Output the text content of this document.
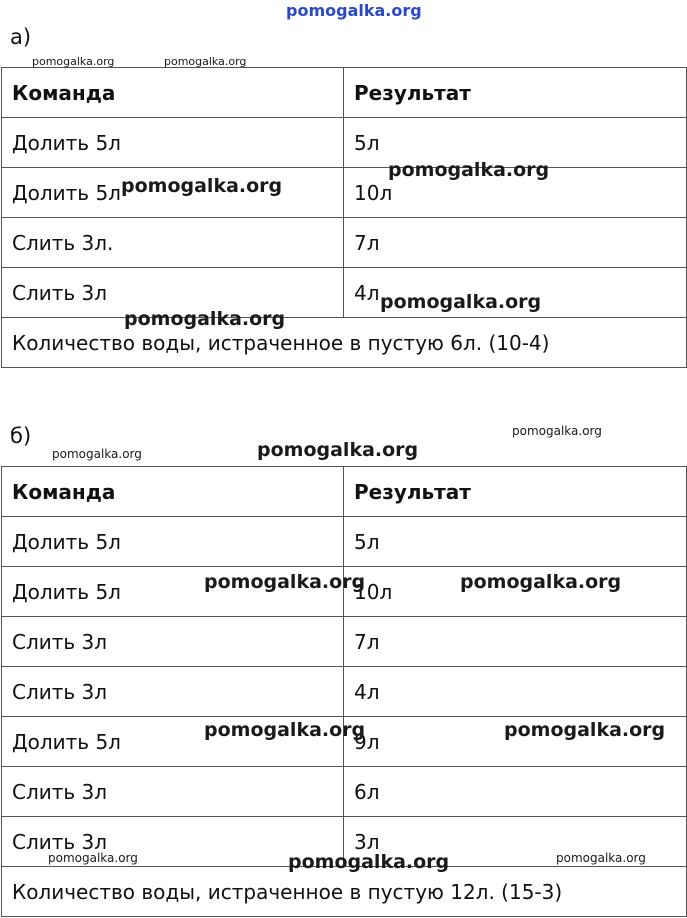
pomogalka.org
а)
pomogalka.org	pomogalka.org
Команда	Результат
Долить 5л	5л
Долить 5л	10л
Слить 3л.	7л
Слить 3л	4л
Количество воды, истраченное в пустую 6л. (10-4)	
pomogalka.org
pomogalka.org
pomogalka.org
pomogalka.org
б)	pomogalka.org
pomogalka.org	pomogalka.org
Команда	Результат
Долить 5л	5л
Долить 5л	10л
Слить 3л	7л
Слить 3л	4л
Долить 5л	9л
Слить 3л	6л
Слить 3л	3л
Количество воды, истраченное в пустую 12л. (15-3)	
pomogalka.org	pomogalka.org
pomogalka.org	pomogalka.org
pomogalka.org	pomogalka.org	pomogalka.org
